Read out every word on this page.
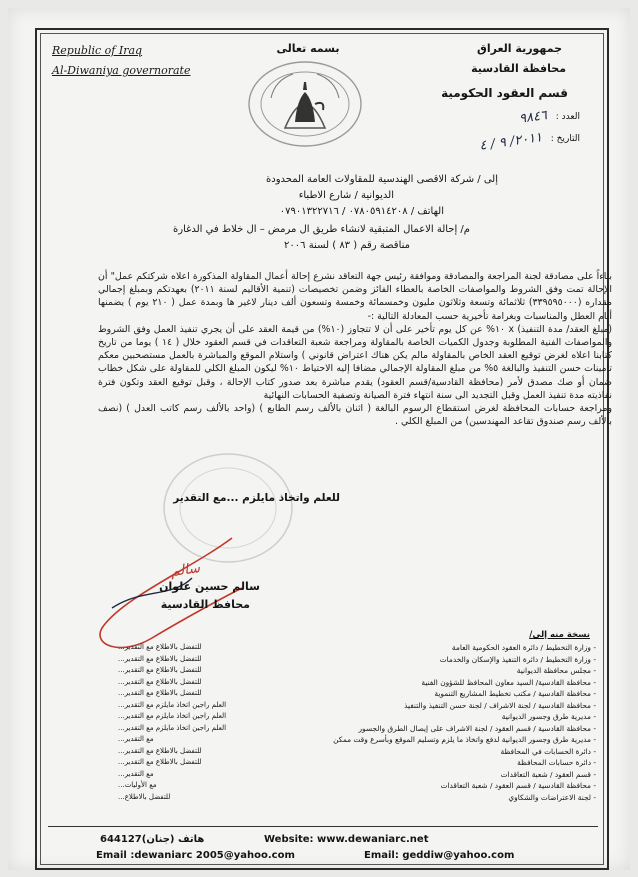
Republic of Iraq
Al-Diwaniya governorate
بسمه تعالى	جمهورية العراق
محافظة القادسية
قسم العقود الحكومية
العدد : ٩٨٤٦
التاريخ : ٢٠١١/ ٩ / ٤
إلى / شركة الاقصى الهندسية للمقاولات العامة المحدودة
الديوانية / شارع الاطباء
الهاتف / ٠٧٨٠٥٩١٤٢٠٨ / ٠٧٩٠١٣٢٢٧١٦
م/ إحالة الاعمال المتبقية لانشاء طريق ال مرمض – ال خلاط في الدغارة
مناقصة رقم ( ٨٣ ) لسنة ٢٠٠٦

بناءاً على مصادقة لجنة المراجعة والمصادقة وموافقة رئيس جهة التعاقد نشرع إحالة أعمال المقاولة المذكورة اعلاه شركتكم عمل" أن الإحالة تمت وفق الشروط والمواصفات الخاصة بالعطاء الفائز وضمن تخصيصات (تنمية الأقاليم لسنة ٢٠١١) بعهدتكم وبمبلغ إجمالي مقداره (٣٣٩٥٩٥٠٠٠) ثلاثمائة وتسعة وثلاثون مليون وخمسمائة وخمسة وتسعون ألف دينار لاغير ها وبمدة عمل ( ٢١٠ يوم ) يضمنها أيام العطل والمناسبات وبغرامة تأخيرية حسب المعادلة التالية :-

(مبلغ العقد/ مدة التنفيذ) x ١٠% عن كل يوم تأخير على أن لا تتجاوز (١٠%) من قيمة العقد على أن يجري تنفيذ العمل وفق الشروط والمواصفات الفنية المطلوبة وجدول الكميات الخاصة بالمقاولة ومراجعة شعبة التعاقدات في قسم العقود خلال ( ١٤ ) يوما من تاريخ كتابنا اعلاه لغرض توقيع العقد الخاص بالمقاولة مالم يكن هناك اعتراض قانوني ) واستلام الموقع والمباشرة بالعمل مستصحبين معكم تأمينات حسن التنفيذ والبالغة ٥% من مبلغ المقاولة الإجمالي مضافا إليه الاحتياط ١٠% ليكون المبلغ الكلي للمقاولة على شكل خطاب ضمان أو صك مصدق لأمر (محافظة القادسية/قسم العقود) يقدم مباشرة بعد صدور كتاب الإحالة ، وقبل توقيع العقد وتكون فترة نفاذيته مدة تنفيذ العمل وقبل التجديد الى سنة انتهاء فترة الصيانة وتصفية الحسابات النهائية

ومراجعة حسابات المحافظة لغرض استقطاع الرسوم البالغة ( اثنان بالألف رسم الطابع ) (واحد بالألف رسم كاتب العدل ) (نصف بالألف رسم صندوق تقاعد المهندسين) من المبلغ الكلي .

للعلم واتخاذ مايلزم ...مع التقدير
سالم
سالم حسين علوان
محافظ القادسية
نسخة منه إلى/
- وزارة التخطيط / دائرة العقود الحكومية العامة
...للتفضل بالاطلاع مع التقدير
- وزارة التخطيط / دائرة التنفيذ والإسكان والخدمات
...للتفضل بالاطلاع مع التقدير
- مجلس محافظة الديوانية
...للتفضل بالاطلاع مع التقدير
- محافظة القادسية/ السيد معاون المحافظ للشؤون الفنية
...للتفضل بالاطلاع مع التقدير
- محافظة القادسية / مكتب تخطيط المشاريع التنموية
...للتفضل بالاطلاع مع التقدير
- محافظة القادسية / لجنة الاشراف / لجنة حسن التنفيذ والتنفيذ
...العلم راجين اتخاذ مايلزم مع التقدير
- مديرية طرق وجسور الديوانية
...العلم راجين اتخاذ مايلزم مع التقدير
- محافظة القادسية / قسم العقود / لجنة الاشراف على إيصال الطرق والجسور
...العلم راجين اتخاذ مايلزم مع التقدير
- مديرية طرق وجسور الديوانية لدفع واتخاذ ما يلزم وتسليم الموقع وبأسرع وقت ممكن
...مع التقدير
- دائرة الحسابات في المحافظة
...للتفضل بالاطلاع مع التقدير
- دائرة حسابات المحافظة
...للتفضل بالاطلاع مع التقدير
- قسم العقود / شعبة التعاقدات
...مع التقدير
- محافظة القادسية / قسم العقود / شعبة التعاقدات
...مع الأوليات
- لجنة الاعتراضات والشكاوي
...للتفضل بالاطلاع
644127هاتف (جنان)	Website: www.dewaniarc.net
Email :dewaniarc 2005@yahoo.com	Email: geddiw@yahoo.com
